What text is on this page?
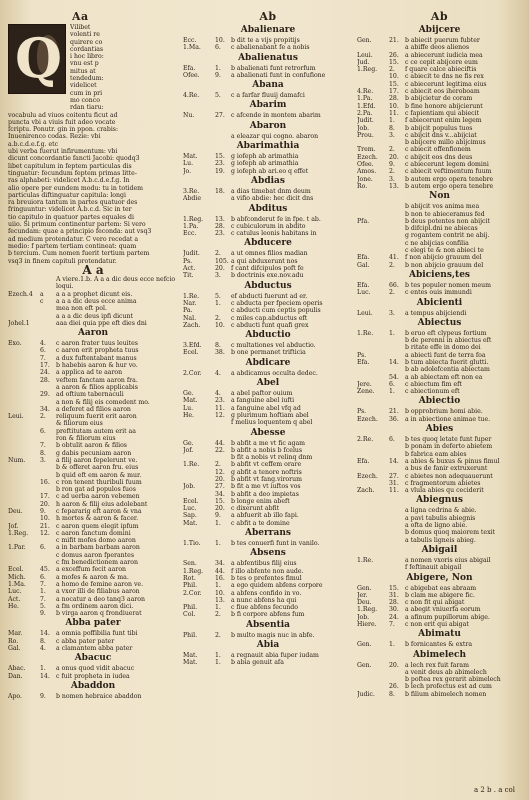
Aa
Q Vilibet
volenti re
quirere co
cordantias
i hoc libro:
vnu est p
mitus at
tendedum:
videlicet
cum in pri
mo conco
rdan tiaru:
vocabulu ad viuos coitentu ficut ad
puncta vbi a viuis fuit adeo vocate
fcriptu. Ponutr. gin in ppon. crabis:
Inuenirenco codas. Rezie: vbi
a.b.c.d.e.f.g. etc
ubi verba fuerut infirumentum: vbi
dicunt concordantie fancti Jacobi: quodq3
libet capitulum in feptem particulas dis
tinguatur: fecundum feptem primas litte-
ras alphabeti: videlicet A.b.c.d.e.f.g. In
alio opere per eundem modu: tu in totidem
particulas diftinguatur capitula: longi
ra breuiora tantum in partes quatuor des
fringuuntur: videlicet A.b.c.d. Sic in ter
tio capitulo in quatuor partes equales di
uiio. Si primum continentur partem: Si vero
fecundam: quae a principio feconda: aut vsq3
ad medium protendatur. C vero recedat a
medio: f partem tertiam contineat: quam
b tercium. Cum nomen fuerit tertium partem
vsq3 in finem capituli protendatur.
A a
A viere.1.b. A a a dic deus ecce nefcio
loqui.
Ezech.4	a	a a a prophet dicunt eis.
c	a a a dic deus ecce anima
mea non eft pol.
a a a dic deus ipfi dicunt
Johel.1	aaa diei quia ppe eft dies dni
Aaron
Exo.	4.	c aaron frater tuus leuites
6.	c aaron erit propheta tuus
7.	a dux fuftentabant manus
17. b habebis aaron & hur vo.
24. a applica ad te aaron
28. veftem fanctam aaron fra.
a aaron & filios applicabis
29. ad oftium tabernaculi
a non & filij eis comedent mo.
34. a deferet ad filios aaron
Leui.	2.	reliquum fuerit erit aaron
& filiorum eius
6.	preftitutam autem erit aa
ron & filiorum eius
7.	b obtulit aaron & filios
8.	g dabis pecuniam aaron
Num.	3.	a filij aaron fepelerunt ve.
b & offeret aaron fru. eius
b quid eft em aaron & mur.
16. c ron tenent thuribuli fuum
b ron gat ad populos fuos
17. c ad uerba aaron vebemen
20. h aaron & filij eius adolebant
Deu.	9.	c fepararig eft aaron & vna
10. h mortes & aaron & facer.
Jof.	21. c aaron quem elegit ipfum
1.Reg.	12. c aaron fanctum domini
c mifit mofes domo aaron
1.Par.	6.	a in barbam barbam aaron
c domus aaron fperantes
c fm benedictionem aaron
Ecel.	45. a exceffum fecit aaron
Mich.	6.	a mofes & aaron & ma.
1.Ma.	7.	a homo de femine aaron ve.
Luc.	1.	a vxor illi de filiabus aaron
Act.	7.	a nocatur a deo tanq3 aaron
He.	5.	a fm ordinem aaron dici.
9.	b virga aaron q frondiuerat
Abba pater
Mar.	14. a omnia poffibilia funt tibi
Ro.	8.	c abba pater pater
Gal.	4.	a clamantem abba pater
Abacuc
Abac.	1.	a onus quod vidit abacuc
Dan.	14. c fuit propheta in iudea
Abaddon
Apo.	9.	b nomen hebraice abaddon
Ab
Abalienare
Ecc.	10. b dit te a vijs propitijs
1.Ma.	6.	c abalienabant fe a nobis
Abalienatus
Efa.	1.	b abalienati funt retrorfum
Ofee.	9.	a abalienati funt in confufione
Abana
4.Re.	5.	c a farfar fluuij damafci
Abarim
Nu.	27. c afcende in montem abarim
Abaron
a eleazar qui cogno. abaron
Abarimathia
Mat.	15. g iofeph ab arimathia
Lu.	23. g iofeph ab arimathia
Jo.	19. g iofeph ab ari.eo q effet
Abdias
3.Re.	18. a dias timebat dnm deum
Abdie	a vifio abdie: hec dicit dns
Abditus
1.Reg.	13. b abfconderut fe in fpe. t ab.
1.Pa.	28. c cubiculorum in abdito
Ecc.	23. c catulus leonis habitans in
Abducere
Judit.	2.	a ut omnes filios madian
Ps.	105. a qui abduxerunt nos
Act.	20. f cant difcipulos poft fe
Tit.	3.	b doctrinis exe.nov.adu
Abductus
1.Re.	5.	ef abducti fuerunt ad er.
Nar.	1.	c abducta per fpeciem operis
Pa.	c abducti cum ceptis populis
Nal.	2.	c miles cap.abductus eft
Zach.	10. c abducti funt quafi grex
Abductio
3.Efd.	8.	c multationes vel abductio.
Ecel.	38. b one permanet trifticia
Abdicare
2.Cor.	4.	a abdicamus occulta dedec.
Abel
Ge.	4.	a abel paftor ouium
Mat.	23. a fanguine abel iufti
Lu.	11. a fanguine abel vfq ad
He.	12. g plurimum hoftiam abel
f melius loquentem q abel
Abesse
Ge.	44. b abfit a me vt fic agam
Jof.	22. b abfit a nobis b fcelus
b fit a nobis vt relinq dnm
1.Re.	2.	b abfit vt ceffem orare
12. g abfit a tenore noftris
20. b abfit vt fang.virorum
Job.	27. b fit a me vt iuftos vos
34. b abfit a deo impietas
Ecel.	15. b longe enim abeft
Luc.	20. c dixerunt abfit
Sap.	9.	a abfuerit ab illo fapi.
Mat.	1.	c abfit a te domine
Aberrans
1.Tio.	1.	b tes conuerfi funt in vanilo.
Absens
Sen.	34. a abfentibus filij eius
1.Reg.	44. f illo abfente non aude.
Rot.	16. b tes o prefentes fimul
Phil.	1.	a ego quidem abfens corpore
2.Cor.	10. a abfens confido in vo.
13. a nunc abfens ha qui
Phil.	1.	c fiue abfens fecundo
Col.	2.	b fi corpore abfens fum
Absentia
Phil.	2.	b multo magis nuc in abfe.
Abia
Mat.	1.	a regnauit abia fuper iudam
Mat.	1.	b abia genuit afa
Ab
Abijcere
Gen.	21. b abiecit puerum fubter
a abiffe deos alienos
Leui.	26. a abiecerunt iudicia mea
Jud.	15. c ce cepit abijcere eum
1.Reg.	2.	f quare calce abieciftis
10. c abiecit te dns ne fis rex
15. c abiecerunt legitima eius
4.Re.	17. c abiecit eos iheroboam
1.Pa.	28. b abijcietur de coram
1.Efd.	10. b fine honore abijcierunt
2.Pa.	11. c fapientiam qui abiecit
Judit.	1.	f abiecerunt enim legem
Job.	8.	b abijcit populus tuos
Prou.	3.	c abijcit dns v...abijciat
b abijcere millo abijcimus
Trem.	2.	c abiecit offenfionem
Ezech.	20. c abijcit eos dns deus
Ofee.	9.	c abiecerunt legem domini
Amos.	2.	c abiecit veftimentum fuum
Jone.	3.	b autem ergo opera tenebre
Ro.	13. b autem ergo opera tenebre
Non
b abijcit vos anima mea
b non te abieceramus fed
Pfa.	b deus potentes non abijcit
b difcipl.dni ne abiecas
g rogantem contrit ne abij.
c ne abijcias confilia
c elegi te & non abieci te
Efa.	41. f non abijcio grauum del
Gal.	2.	b non abijcio grauum del
Abiciens,tes
Efa.	66. b tes populer nomen meum
Luc.	2.	c entes ouis immundi
Abicienti
Leui.	3.	a tempus abijciendi
Abiectus
1.Re.	1.	b eruo eft clypeus fortium
b de perenni in abiectus eft
b ritate effe in domo dei
Ps.	a abiecti funt de terra foa
Efa.	14. b tum abiecta fuerit glutti.
b ab adolefcentia abiectam
54. a ab abiectam eft non ea
Jere.	6.	c abiectum fim eft
Zene.	1.	c abiectionum eft
Abiectio
Ps.	21. b opprobrium homi abie.
Ezech.	36. a in abiectione animae tue.
Abies
2.Re.	6.	b tes quoq letate funt fuper
b ponam in deferto abietem
b fabrica eam abies
Efa.	14. a abies & buxus & pinus fimul
a bus de fanir extruxerunt
Ezech.	27. c abietes non adequauerunt
31. c fragmentorum abietes
Zach.	11. a vlula abies qu ceciderit
Abiegnus
a ligna cedrina & abie.
a pavi tabulis abiegnis
a ofta de ligno abie.
b domus quoq maiorem texit
a tabulis ligneis abieg.
Abigail
1.Re.	a nomen vxoris eius abigail
f feftinauit abigail
Abigere, Non
Gen.	15. c abigebat eas abraam
Jer.	31. b clam me abigere fic.
Deu.	28. c non fit qui abigat
1.Reg.	30. a abegit vniuerfa eorum
Job.	24. a afinum pupillorum abige.
Hiere.	7.	c non erit qui abigat
Abimatu
Gen.	1.	b fornicantes & extra
Abimelech
Gen.	20. a lech rex fuit faram
a venit deus ab abimelech
b poftea rex gerarit abimelech
26. b lech profectus est ad cum
Judic.	8.	b filium abimelech nomen
a 2 b . a col
